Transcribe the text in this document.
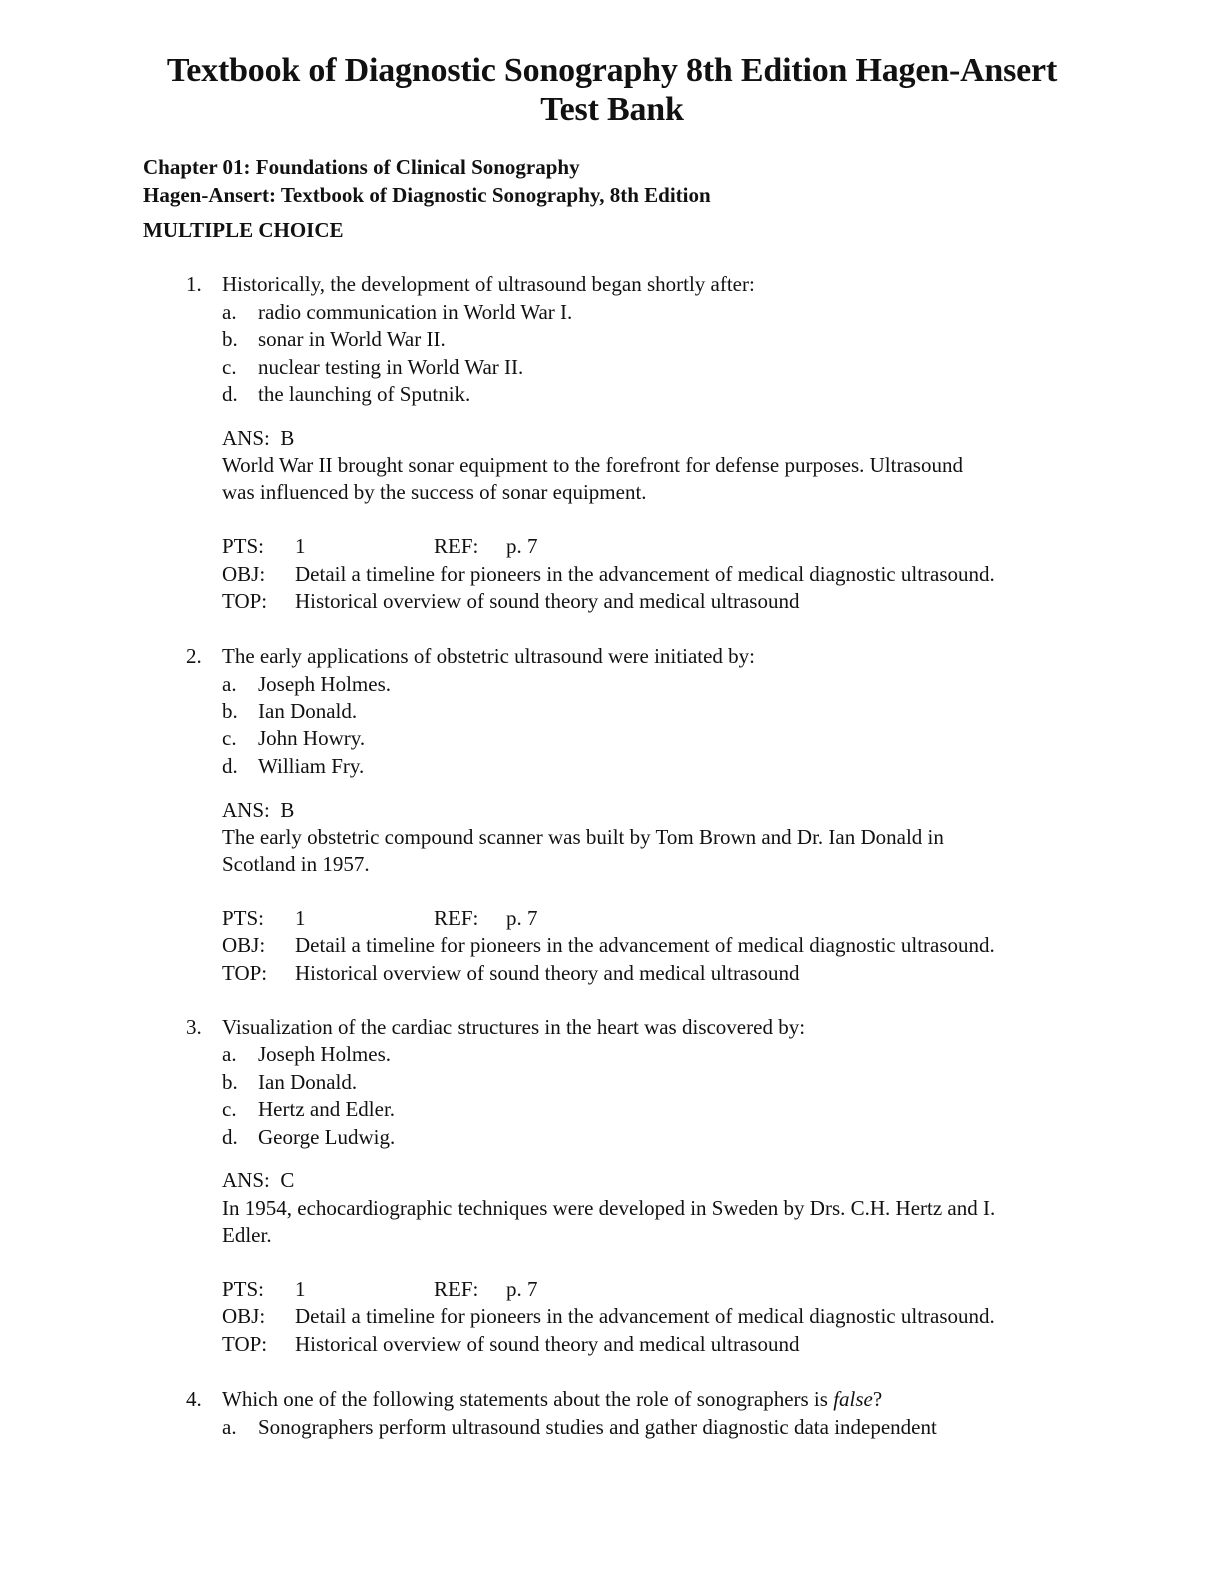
Textbook of Diagnostic Sonography 8th Edition Hagen-Ansert
Test Bank
Chapter 01: Foundations of Clinical Sonography
Hagen-Ansert: Textbook of Diagnostic Sonography, 8th Edition
MULTIPLE CHOICE
1. Historically, the development of ultrasound began shortly after:
a. radio communication in World War I.
b. sonar in World War II.
c. nuclear testing in World War II.
d. the launching of Sputnik.
ANS: B
World War II brought sonar equipment to the forefront for defense purposes. Ultrasound
was influenced by the success of sonar equipment.
PTS: 1	REF: p. 7
OBJ: Detail a timeline for pioneers in the advancement of medical diagnostic ultrasound.
TOP: Historical overview of sound theory and medical ultrasound
2. The early applications of obstetric ultrasound were initiated by:
a. Joseph Holmes.
b. Ian Donald.
c. John Howry.
d. William Fry.
ANS: B
The early obstetric compound scanner was built by Tom Brown and Dr. Ian Donald in
Scotland in 1957.
PTS: 1	REF: p. 7
OBJ: Detail a timeline for pioneers in the advancement of medical diagnostic ultrasound.
TOP: Historical overview of sound theory and medical ultrasound
3. Visualization of the cardiac structures in the heart was discovered by:
a. Joseph Holmes.
b. Ian Donald.
c. Hertz and Edler.
d. George Ludwig.
ANS: C
In 1954, echocardiographic techniques were developed in Sweden by Drs. C.H. Hertz and I.
Edler.
PTS: 1	REF: p. 7
OBJ: Detail a timeline for pioneers in the advancement of medical diagnostic ultrasound.
TOP: Historical overview of sound theory and medical ultrasound
4. Which one of the following statements about the role of sonographers is false?
a. Sonographers perform ultrasound studies and gather diagnostic data independent
